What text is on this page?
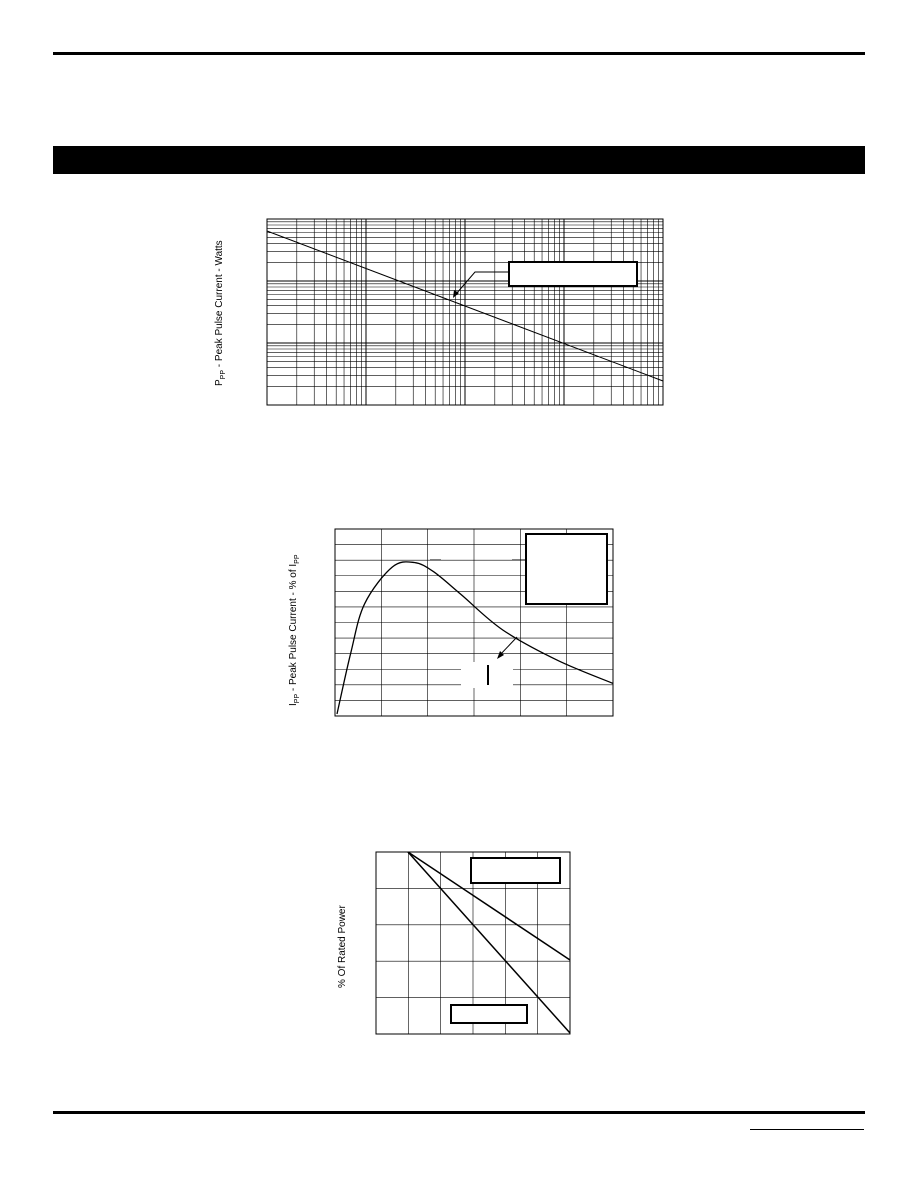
$P_{PP}$ - Peak Pulse Current - Watts
$I_{PP}$ - Peak Pulse Current - % of $I_{PP}$
% Of Rated Power
